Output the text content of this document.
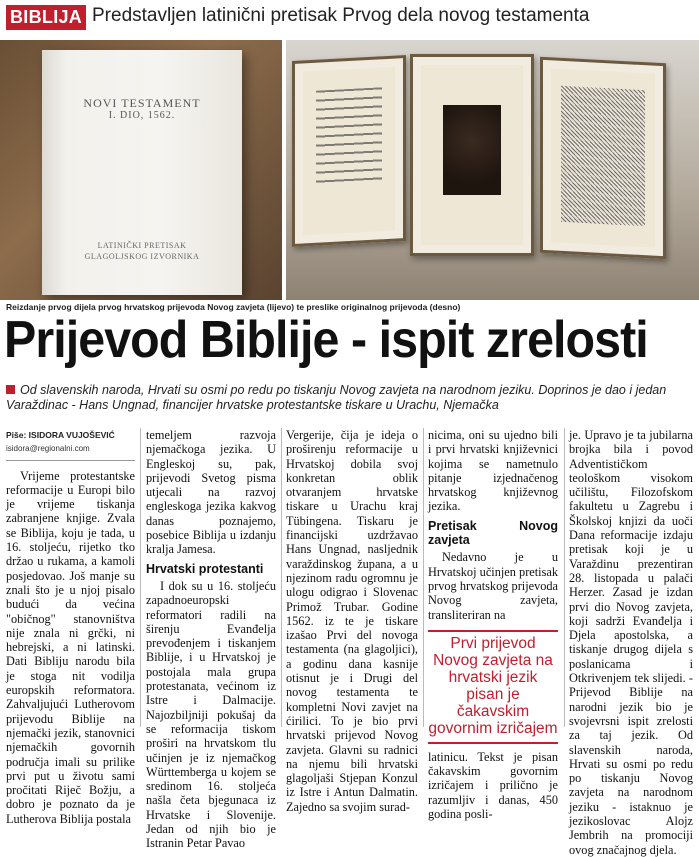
BIBLIJA Predstavljen latinični pretisak Prvog dela novog testamenta
NOVI TESTAMENT
I. DIO, 1562.
LATINIČKI PRETISAK
GLAGOLJSKOG IZVORNIKA
Reizdanje prvog dijela prvog hrvatskog prijevoda Novog zavjeta (lijevo) te preslike originalnog prijevoda (desno)
Prijevod Biblije - ispit zrelosti
Od slavenskih naroda, Hrvati su osmi po redu po tiskanju Novog zavjeta na narodnom jeziku. Doprinos je dao i jedan Varaždinac - Hans Ungnad, financijer hrvatske protestantske tiskare u Urachu, Njemačka
Piše: ISIDORA VUJOŠEVIĆ
isidora@regionalni.com

Vrijeme protestantske reformacije u Europi bilo je vrijeme tiskanja zabranjene knjige. Zvala se Biblija, koju je tada, u 16. stoljeću, rijetko tko držao u rukama, a kamoli posjedovao. Još manje su znali što je u njoj pisalo budući da većina "običnog" stanovništva nije znala ni grčki, ni hebrejski, a ni latinski. Dati Bibliju narodu bila je stoga nit vodilja europskih reformatora. Zahvaljujući Lutherovom prijevodu Biblije na njemački jezik, stanovnici njemačkih govornih područja imali su prilike prvi put u životu sami pročitati Riječ Božju, a dobro je poznato da je Lutherova Biblija postala

temeljem razvoja njemačkoga jezika. U Engleskoj su, pak, prijevodi Svetog pisma utjecali na razvoj engleskoga jezika kakvog danas poznajemo, posebice Biblija u izdanju kralja Jamesa.

Hrvatski protestanti

I dok su u 16. stoljeću zapadnoeuropski reformatori radili na širenju Evanđelja prevođenjem i tiskanjem Biblije, i u Hrvatskoj je postojala mala grupa protestanata, većinom iz Istre i Dalmacije. Najozbiljniji pokušaj da se reformacija tiskom proširi na hrvatskom tlu učinjen je iz njemačkog Württemberga u kojem se sredinom 16. stoljeća našla četa bjegunaca iz Hrvatske i Slovenije. Jedan od njih bio je Istranin Petar Pavao

Vergerije, čija je ideja o proširenju reformacije u Hrvatskoj dobila svoj konkretan oblik otvaranjem hrvatske tiskare u Urachu kraj Tübingena. Tiskaru je financijski uzdržavao Hans Ungnad, nasljednik varaždinskog župana, a u njezinom radu ogromnu je ulogu odigrao i Slovenac Primož Trubar. Godine 1562. iz te je tiskare izašao Prvi del novoga testamenta (na glagoljici), a godinu dana kasnije otisnut je i Drugi del novog testamenta te kompletni Novi zavjet na ćirilici. To je bio prvi hrvatski prijevod Novog zavjeta. Glavni su radnici na njemu bili hrvatski glagoljaši Stjepan Konzul iz Istre i Antun Dalmatin. Zajedno sa svojim surad-

nicima, oni su ujedno bili i prvi hrvatski književnici kojima se nametnulo pitanje izjednačenog hrvatskog književnog jezika.

Pretisak Novog zavjeta

Nedavno je u Hrvatskoj učinjen pretisak prvog hrvatskog prijevoda Novog zavjeta, transliteriran na

Prvi prijevod Novog zavjeta na hrvatski jezik pisan je čakavskim govornim izričajem

latinicu. Tekst je pisan čakavskim govornim izričajem i prilično je razumljiv i danas, 450 godina posli-

je. Upravo je ta jubilarna brojka bila i povod Adventističkom teološkom visokom učilištu, Filozofskom fakultetu u Zagrebu i Školskoj knjizi da uoči Dana reformacije izdaju pretisak koji je u Varaždinu prezentiran 28. listopada u palači Herzer. Zasad je izdan prvi dio Novog zavjeta, koji sadrži Evanđelja i Djela apostolska, a tiskanje drugog dijela s poslanicama i Otkrivenjem tek slijedi. - Prijevod Biblije na narodni jezik bio je svojevrsni ispit zrelosti za taj jezik. Od slavenskih naroda, Hrvati su osmi po redu po tiskanju Novog zavjeta na narodnom jeziku - istaknuo je jezikoslovac Alojz Jembrih na promociji ovog značajnog djela.
